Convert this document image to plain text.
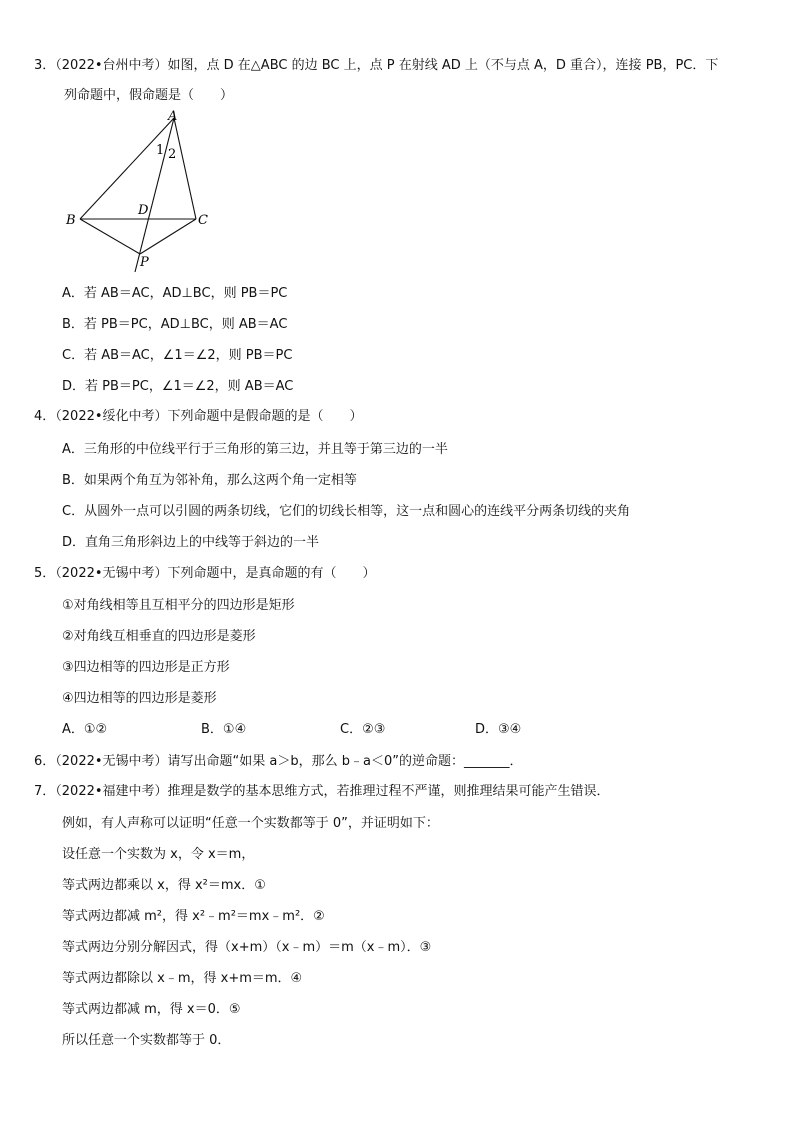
3．（2022•台州中考）如图，点 D 在△ABC 的边 BC 上，点 P 在射线 AD 上（不与点 A，D 重合），连接 PB，PC．下
列命题中，假命题是（　　）
A
B	C
D
P
1 2
A．若 AB＝AC，AD⊥BC，则 PB＝PC
B．若 PB＝PC，AD⊥BC，则 AB＝AC
C．若 AB＝AC，∠1＝∠2，则 PB＝PC
D．若 PB＝PC，∠1＝∠2，则 AB＝AC
4．（2022•绥化中考）下列命题中是假命题的是（　　）
A．三角形的中位线平行于三角形的第三边，并且等于第三边的一半
B．如果两个角互为邻补角，那么这两个角一定相等
C．从圆外一点可以引圆的两条切线，它们的切线长相等，这一点和圆心的连线平分两条切线的夹角
D．直角三角形斜边上的中线等于斜边的一半
5．（2022•无锡中考）下列命题中，是真命题的有（　　）
①对角线相等且互相平分的四边形是矩形
②对角线互相垂直的四边形是菱形
③四边相等的四边形是正方形
④四边相等的四边形是菱形
A．①②	B．①④	C．②③	D．③④
6．（2022•无锡中考）请写出命题“如果 a＞b，那么 b﹣a＜0”的逆命题：_______．
7．（2022•福建中考）推理是数学的基本思维方式，若推理过程不严谨，则推理结果可能产生错误．
例如，有人声称可以证明“任意一个实数都等于 0”，并证明如下：
设任意一个实数为 x，令 x＝m，
等式两边都乘以 x，得 x²＝mx．①
等式两边都减 m²，得 x²﹣m²＝mx﹣m²．②
等式两边分别分解因式，得（x+m）（x﹣m）＝m（x﹣m）．③
等式两边都除以 x﹣m，得 x+m＝m．④
等式两边都减 m，得 x＝0．⑤
所以任意一个实数都等于 0．
